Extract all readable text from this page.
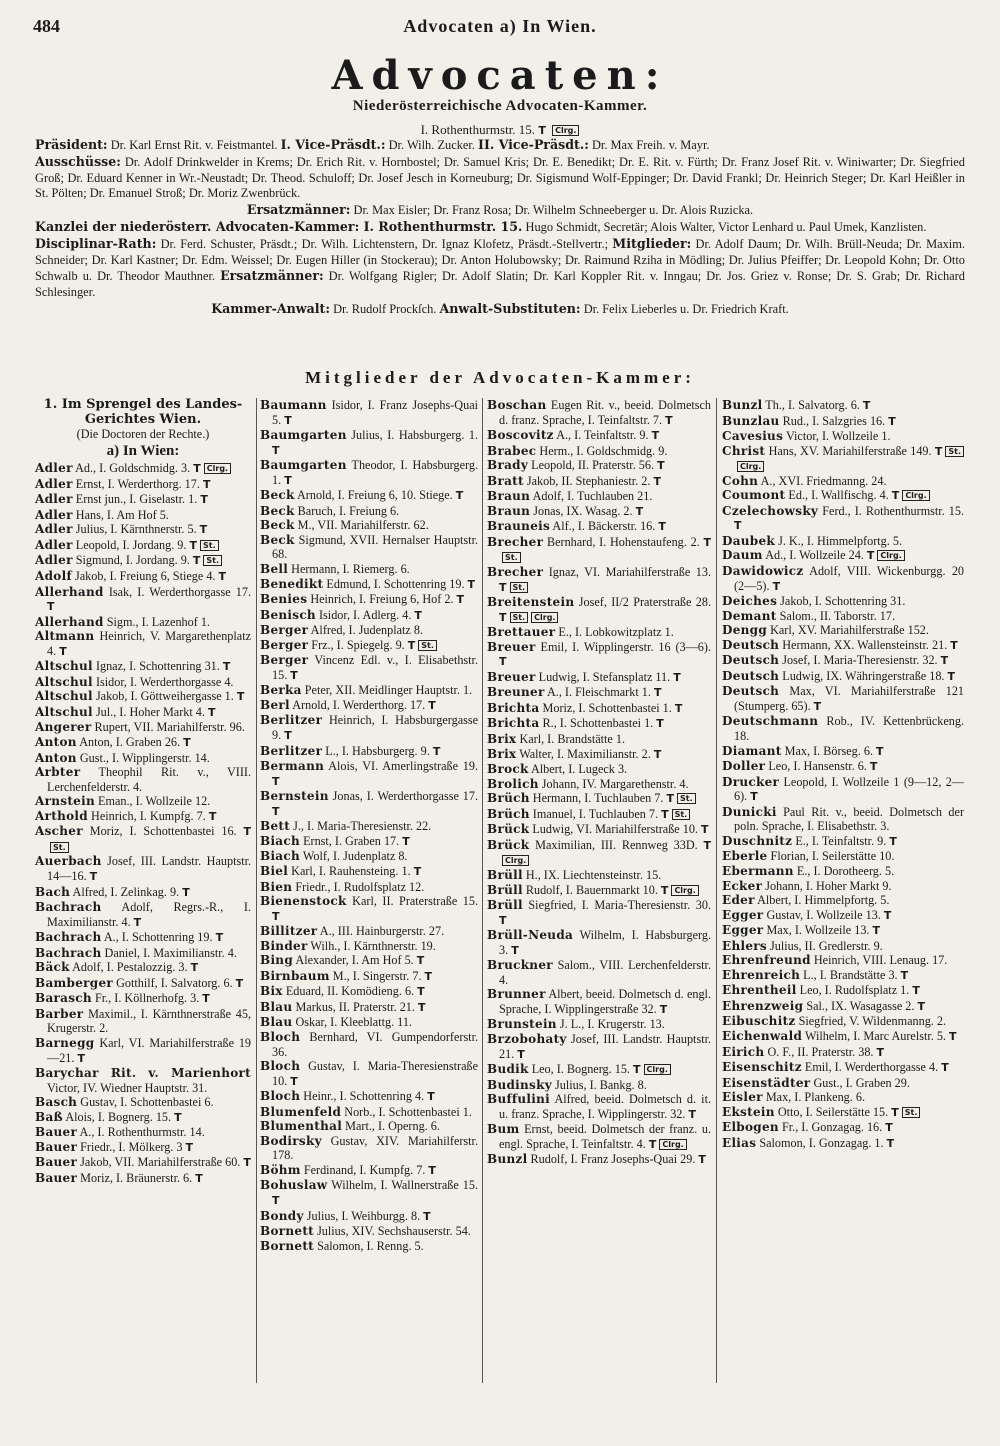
484	Advocaten a) In Wien.
Advocaten:
Niederösterreichische Advocaten-Kammer.
I. Rothenthurmstr. 15. T Clrg.

Präsident: Dr. Karl Ernst Rit. v. Feistmantel. I. Vice-Präsdt.: Dr. Wilh. Zucker. II. Vice-Präsdt.: Dr. Max Freih. v. Mayr.

Ausschüsse: Dr. Adolf Drinkwelder in Krems; Dr. Erich Rit. v. Hornbostel; Dr. Samuel Kris; Dr. E. Benedikt; Dr. E. Rit. v. Fürth; Dr. Franz Josef Rit. v. Winiwarter; Dr. Siegfried Groß; Dr. Eduard Kenner in Wr.-Neustadt; Dr. Theod. Schuloff; Dr. Josef Jesch in Korneuburg; Dr. Sigismund Wolf-Eppinger; Dr. David Frankl; Dr. Heinrich Steger; Dr. Karl Heißler in St. Pölten; Dr. Emanuel Stroß; Dr. Moriz Zwenbrück.

Ersatzmänner: Dr. Max Eisler; Dr. Franz Rosa; Dr. Wilhelm Schneeberger u. Dr. Alois Ruzicka.

Kanzlei der niederösterr. Advocaten-Kammer: I. Rothenthurmstr. 15. Hugo Schmidt, Secretär; Alois Walter, Victor Lenhard u. Paul Umek, Kanzlisten.

Disciplinar-Rath: Dr. Ferd. Schuster, Präsdt.; Dr. Wilh. Lichtenstern, Dr. Ignaz Klofetz, Präsdt.-Stellvertr.; Mitglieder: Dr. Adolf Daum; Dr. Wilh. Brüll-Neuda; Dr. Maxim. Schneider; Dr. Karl Kastner; Dr. Edm. Weissel; Dr. Eugen Hiller (in Stockerau); Dr. Anton Holubowsky; Dr. Raimund Rziha in Mödling; Dr. Julius Pfeiffer; Dr. Leopold Kohn; Dr. Otto Schwalb u. Dr. Theodor Mauthner. Ersatzmänner: Dr. Wolfgang Rigler; Dr. Adolf Slatin; Dr. Karl Koppler Rit. v. Inngau; Dr. Jos. Griez v. Ronse; Dr. S. Grab; Dr. Richard Schlesinger.

Kammer-Anwalt: Dr. Rudolf Prockſch. Anwalt-Substituten: Dr. Felix Lieberles u. Dr. Friedrich Kraft.

Mitglieder der Advocaten-Kammer:
1. Im Sprengel des Landes-Gerichtes Wien.
(Die Doctoren der Rechte.)
a) In Wien:
Adler Ad., I. Goldschmidg. 3. T Clrg.
Adler Ernst, I. Werderthorg. 17. T
Adler Ernst jun., I. Giselastr. 1. T
Adler Hans, I. Am Hof 5.
Adler Julius, I. Kärnthnerstr. 5. T
Adler Leopold, I. Jordang. 9. T St.
Adler Sigmund, I. Jordang. 9. T St.
Adolf Jakob, I. Freiung 6, Stiege 4. T
Allerhand Isak, I. Werderthorgasse 17. T
Allerhand Sigm., I. Lazenhof 1.
Altmann Heinrich, V. Margarethenplatz 4. T
Altschul Ignaz, I. Schottenring 31. T
Altschul Isidor, I. Werderthorgasse 4.
Altschul Jakob, I. Göttweihergasse 1. T
Altschul Jul., I. Hoher Markt 4. T
Angerer Rupert, VII. Mariahilferstr. 96.
Anton Anton, I. Graben 26. T
Anton Gust., I. Wipplingerstr. 14.
Arbter Theophil Rit. v., VIII. Lerchenfelderstr. 4.
Arnstein Eman., I. Wollzeile 12.
Arthold Heinrich, I. Kumpfg. 7. T
Ascher Moriz, I. Schottenbastei 16. TSt.
Auerbach Josef, III. Landstr. Hauptstr. 14—16. T
Bach Alfred, I. Zelinkag. 9. T
Bachrach Adolf, Regrs.-R., I. Maximilianstr. 4. T
Bachrach A., I. Schottenring 19. T
Bachrach Daniel, I. Maximilianstr. 4.
Bäck Adolf, I. Pestalozzig. 3. T
Bamberger Gotthilf, I. Salvatorg. 6. T
Barasch Fr., I. Köllnerhofg. 3. T
Barber Maximil., I. Kärnthnerstraße 45, Krugerstr. 2.
Barnegg Karl, VI. Mariahilferstraße 19—21. T
Barychar Rit. v. Marienhort Victor, IV. Wiedner Hauptstr. 31.
Basch Gustav, I. Schottenbastei 6.
Baß Alois, I. Bognerg. 15. T
Bauer A., I. Rothenthurmstr. 14.
Bauer Friedr., I. Mölkerg. 3 T
Bauer Jakob, VII. Mariahilferstraße 60. T
Bauer Moriz, I. Bräunerstr. 6. T
Baumann Isidor, I. Franz Josephs-Quai 5. T
Baumgarten Julius, I. Habsburgerg. 1. T
Baumgarten Theodor, I. Habsburgerg. 1. T
Beck Arnold, I. Freiung 6, 10. Stiege. T
Beck Baruch, I. Freiung 6.
Beck M., VII. Mariahilferstr. 62.
Beck Sigmund, XVII. Hernalser Hauptstr. 68.
Bell Hermann, I. Riemerg. 6.
Benedikt Edmund, I. Schottenring 19. T
Benies Heinrich, I. Freiung 6, Hof 2. T
Benisch Isidor, I. Adlerg. 4. T
Berger Alfred, I. Judenplatz 8.
Berger Frz., I. Spiegelg. 9. T St.
Berger Vincenz Edl. v., I. Elisabethstr. 15. T
Berka Peter, XII. Meidlinger Hauptstr. 1.
Berl Arnold, I. Werderthorg. 17. T
Berlitzer Heinrich, I. Habsburgergasse 9. T
Berlitzer L., I. Habsburgerg. 9. T
Bermann Alois, VI. Amerlingstraße 19. T
Bernstein Jonas, I. Werderthorgasse 17. T
Bett J., I. Maria-Theresienstr. 22.
Biach Ernst, I. Graben 17. T
Biach Wolf, I. Judenplatz 8.
Biel Karl, I. Rauhensteing. 1. T
Bien Friedr., I. Rudolfsplatz 12.
Bienenstock Karl, II. Praterstraße 15. T
Billitzer A., III. Hainburgerstr. 27.
Binder Wilh., I. Kärnthnerstr. 19.
Bing Alexander, I. Am Hof 5. T
Birnbaum M., I. Singerstr. 7. T
Bix Eduard, II. Komödieng. 6. T
Blau Markus, II. Praterstr. 21. T
Blau Oskar, I. Kleeblattg. 11.
Bloch Bernhard, VI. Gumpendorferstr. 36.
Bloch Gustav, I. Maria-Theresienstraße 10. T
Bloch Heinr., I. Schottenring 4. T
Blumenfeld Norb., I. Schottenbastei 1.
Blumenthal Mart., I. Operng. 6.
Bodirsky Gustav, XIV. Mariahilferstr. 178.
Böhm Ferdinand, I. Kumpfg. 7. T
Bohuslaw Wilhelm, I. Wallnerstraße 15. T
Bondy Julius, I. Weihburgg. 8. T
Bornett Julius, XIV. Sechshauserstr. 54.
Bornett Salomon, I. Renng. 5.
Boschan Eugen Rit. v., beeid. Dolmetsch d. franz. Sprache, I. Teinfaltstr. 7. T
Boscovitz A., I. Teinfaltstr. 9. T
Brabec Herm., I. Goldschmidg. 9.
Brady Leopold, II. Praterstr. 56. T
Bratt Jakob, II. Stephaniestr. 2. T
Braun Adolf, I. Tuchlauben 21.
Braun Jonas, IX. Wasag. 2. T
Brauneis Alf., I. Bäckerstr. 16. T
Brecher Bernhard, I. Hohenstaufeng. 2. TSt.
Brecher Ignaz, VI. Mariahilferstraße 13. T St.
Breitenstein Josef, II/2 Praterstraße 28. T St. Clrg.
Brettauer E., I. Lobkowitzplatz 1.
Breuer Emil, I. Wipplingerstr. 16 (3—6). T
Breuer Ludwig, I. Stefansplatz 11. T
Breuner A., I. Fleischmarkt 1. T
Brichta Moriz, I. Schottenbastei 1. T
Brichta R., I. Schottenbastei 1. T
Brix Karl, I. Brandstätte 1.
Brix Walter, I. Maximilianstr. 2. T
Brock Albert, I. Lugeck 3.
Brolich Johann, IV. Margarethenstr. 4.
Brüch Hermann, I. Tuchlauben 7. T St.
Brüch Imanuel, I. Tuchlauben 7. T St.
Brück Ludwig, VI. Mariahilferstraße 10. T
Brück Maximilian, III. Rennweg 33D. TClrg.
Brüll H., IX. Liechtensteinstr. 15.
Brüll Rudolf, I. Bauernmarkt 10. T Clrg.
Brüll Siegfried, I. Maria-Theresienstr. 30. T
Brüll-Neuda Wilhelm, I. Habsburgerg. 3. T
Bruckner Salom., VIII. Lerchenfelderstr. 4.
Brunner Albert, beeid. Dolmetsch d. engl. Sprache, I. Wipplingerstraße 32. T
Brunstein J. L., I. Krugerstr. 13.
Brzobohaty Josef, III. Landstr. Hauptstr. 21. T
Budik Leo, I. Bognerg. 15. T Clrg.
Budinsky Julius, I. Bankg. 8.
Buffulini Alfred, beeid. Dolmetsch d. it. u. franz. Sprache, I. Wipplingerstr. 32. T
Bum Ernst, beeid. Dolmetsch der franz. u. engl. Sprache, I. Teinfaltstr. 4. T Clrg.
Bunzl Rudolf, I. Franz Josephs-Quai 29. T
Bunzl Th., I. Salvatorg. 6. T
Bunzlau Rud., I. Salzgries 16. T
Cavesius Victor, I. Wollzeile 1.
Christ Hans, XV. Mariahilferstraße 149. T St.Clrg.
Cohn A., XVI. Friedmanng. 24.
Coumont Ed., I. Wallfischg. 4. T Clrg.
Czelechowsky Ferd., I. Rothenthurmstr. 15. T
Daubek J. K., I. Himmelpfortg. 5.
Daum Ad., I. Wollzeile 24. T Clrg.
Dawidowicz Adolf, VIII. Wickenburgg. 20 (2—5). T
Deiches Jakob, I. Schottenring 31.
Demant Salom., II. Taborstr. 17.
Dengg Karl, XV. Mariahilferstraße 152.
Deutsch Hermann, XX. Wallensteinstr. 21. T
Deutsch Josef, I. Maria-Theresienstr. 32. T
Deutsch Ludwig, IX. Währingerstraße 18. T
Deutsch Max, VI. Mariahilferstraße 121 (Stumperg. 65). T
Deutschmann Rob., IV. Kettenbrückeng. 18.
Diamant Max, I. Börseg. 6. T
Doller Leo, I. Hansenstr. 6. T
Drucker Leopold, I. Wollzeile 1 (9—12, 2—6). T
Dunicki Paul Rit. v., beeid. Dolmetsch der poln. Sprache, I. Elisabethstr. 3.
Duschnitz E., I. Teinfaltstr. 9. T
Eberle Florian, I. Seilerstätte 10.
Ebermann E., I. Dorotheerg. 5.
Ecker Johann, I. Hoher Markt 9.
Eder Albert, I. Himmelpfortg. 5.
Egger Gustav, I. Wollzeile 13. T
Egger Max, I. Wollzeile 13. T
Ehlers Julius, II. Gredlerstr. 9.
Ehrenfreund Heinrich, VIII. Lenaug. 17.
Ehrenreich L., I. Brandstätte 3. T
Ehrentheil Leo, I. Rudolfsplatz 1. T
Ehrenzweig Sal., IX. Wasagasse 2. T
Eibuschitz Siegfried, V. Wildenmanng. 2.
Eichenwald Wilhelm, I. Marc Aurelstr. 5. T
Eirich O. F., II. Praterstr. 38. T
Eisenschitz Emil, I. Werderthorgasse 4. T
Eisenstädter Gust., I. Graben 29.
Eisler Max, I. Plankeng. 6.
Ekstein Otto, I. Seilerstätte 15. T St.
Elbogen Fr., I. Gonzagag. 16. T
Elias Salomon, I. Gonzagag. 1. T
